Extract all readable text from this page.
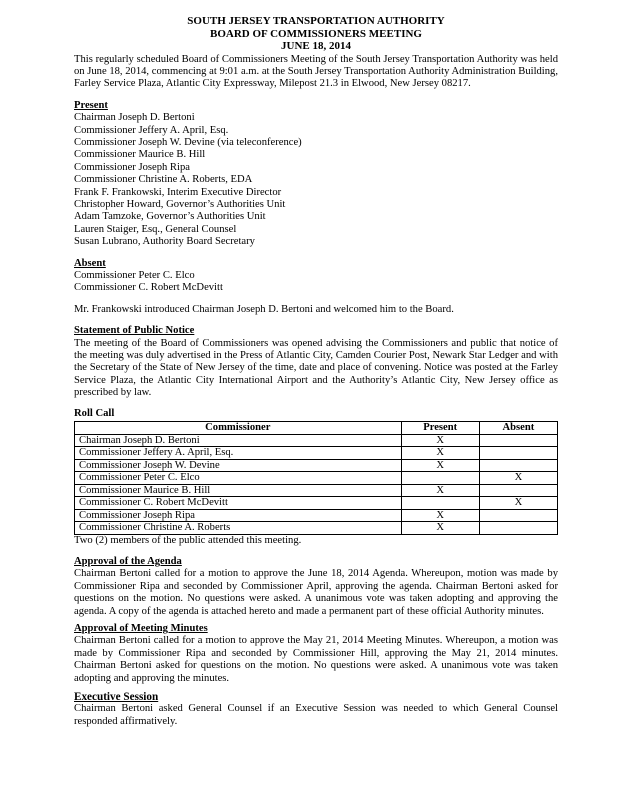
SOUTH JERSEY TRANSPORTATION AUTHORITY
BOARD OF COMMISSIONERS MEETING
JUNE 18, 2014

This regularly scheduled Board of Commissioners Meeting of the South Jersey Transportation Authority was held on June 18, 2014, commencing at 9:01 a.m. at the South Jersey Transportation Authority Administration Building, Farley Service Plaza, Atlantic City Expressway, Milepost 21.3 in Elwood, New Jersey 08217.

Present
Chairman Joseph D. Bertoni
Commissioner Jeffery A. April, Esq.
Commissioner Joseph W. Devine (via teleconference)
Commissioner Maurice B. Hill
Commissioner Joseph Ripa
Commissioner Christine A. Roberts, EDA
Frank F. Frankowski, Interim Executive Director
Christopher Howard, Governor’s Authorities Unit
Adam Tamzoke, Governor’s Authorities Unit
Lauren Staiger, Esq., General Counsel
Susan Lubrano, Authority Board Secretary
Absent
Commissioner Peter C. Elco
Commissioner C. Robert McDevitt

Mr. Frankowski introduced Chairman Joseph D. Bertoni and welcomed him to the Board.

Statement of Public Notice

The meeting of the Board of Commissioners was opened advising the Commissioners and public that notice of the meeting was duly advertised in the Press of Atlantic City, Camden Courier Post, Newark Star Ledger and with the Secretary of the State of New Jersey of the time, date and place of convening. Notice was posted at the Farley Service Plaza, the Atlantic City International Airport and the Authority’s Atlantic City, New Jersey office as prescribed by law.

Roll Call
Commissioner	Present	Absent
Chairman Joseph D. Bertoni	X	
Commissioner Jeffery A. April, Esq.	X	
Commissioner Joseph W. Devine	X	
Commissioner Peter C. Elco		X
Commissioner Maurice B. Hill	X	
Commissioner C. Robert McDevitt		X
Commissioner Joseph Ripa	X	
Commissioner Christine A. Roberts	X	

Two (2) members of the public attended this meeting.

Approval of the Agenda

Chairman Bertoni called for a motion to approve the June 18, 2014 Agenda. Whereupon, motion was made by Commissioner Ripa and seconded by Commissioner April, approving the agenda. Chairman Bertoni asked for questions on the motion. No questions were asked. A unanimous vote was taken adopting and approving the agenda. A copy of the agenda is attached hereto and made a permanent part of these official Authority minutes.

Approval of Meeting Minutes

Chairman Bertoni called for a motion to approve the May 21, 2014 Meeting Minutes. Whereupon, a motion was made by Commissioner Ripa and seconded by Commissioner Hill, approving the May 21, 2014 minutes. Chairman Bertoni asked for questions on the motion. No questions were asked. A unanimous vote was taken adopting and approving the minutes.

Executive Session

Chairman Bertoni asked General Counsel if an Executive Session was needed to which General Counsel responded affirmatively.
